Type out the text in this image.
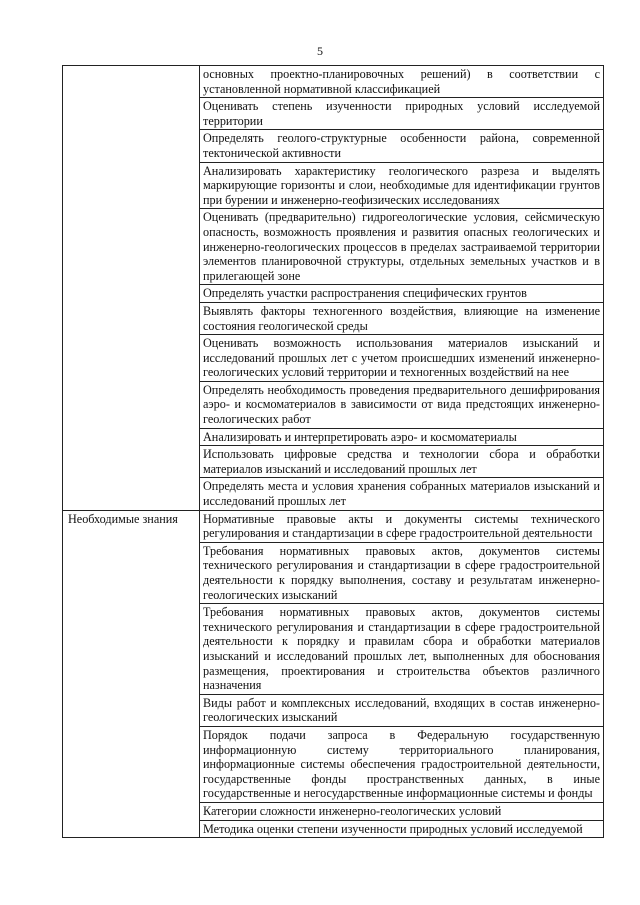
5
	основных проектно-планировочных решений) в соответствии с установленной нормативной классификацией
	Оценивать степень изученности природных условий исследуемой территории
	Определять геолого-структурные особенности района, современной тектонической активности
	Анализировать характеристику геологического разреза и выделять маркирующие горизонты и слои, необходимые для идентификации грунтов при бурении и инженерно-геофизических исследованиях
	Оценивать (предварительно) гидрогеологические условия, сейсмическую опасность, возможность проявления и развития опасных геологических и инженерно-геологических процессов в пределах застраиваемой территории элементов планировочной структуры, отдельных земельных участков и в прилегающей зоне
	Определять участки распространения специфических грунтов
	Выявлять факторы техногенного воздействия, влияющие на изменение состояния геологической среды
	Оценивать возможность использования материалов изысканий и исследований прошлых лет с учетом происшедших изменений инженерно-геологических условий территории и техногенных воздействий на нее
	Определять необходимость проведения предварительного дешифрирования аэро- и космоматериалов в зависимости от вида предстоящих инженерно-геологических работ
	Анализировать и интерпретировать аэро- и космоматериалы
	Использовать цифровые средства и технологии сбора и обработки материалов изысканий и исследований прошлых лет
	Определять места и условия хранения собранных материалов изысканий и исследований прошлых лет

Необходимые знания	Нормативные правовые акты и документы системы технического регулирования и стандартизации в сфере градостроительной деятельности
	Требования нормативных правовых актов, документов системы технического регулирования и стандартизации в сфере градостроительной деятельности к порядку выполнения, составу и результатам инженерно-геологических изысканий
	Требования нормативных правовых актов, документов системы технического регулирования и стандартизации в сфере градостроительной деятельности к порядку и правилам сбора и обработки материалов изысканий и исследований прошлых лет, выполненных для обоснования размещения, проектирования и строительства объектов различного назначения
	Виды работ и комплексных исследований, входящих в состав инженерно-геологических изысканий
	Порядок подачи запроса в Федеральную государственную информационную систему территориального планирования, информационные системы обеспечения градостроительной деятельности, государственные фонды пространственных данных, в иные государственные и негосударственные информационные системы и фонды
	Категории сложности инженерно-геологических условий
	Методика оценки степени изученности природных условий исследуемой
